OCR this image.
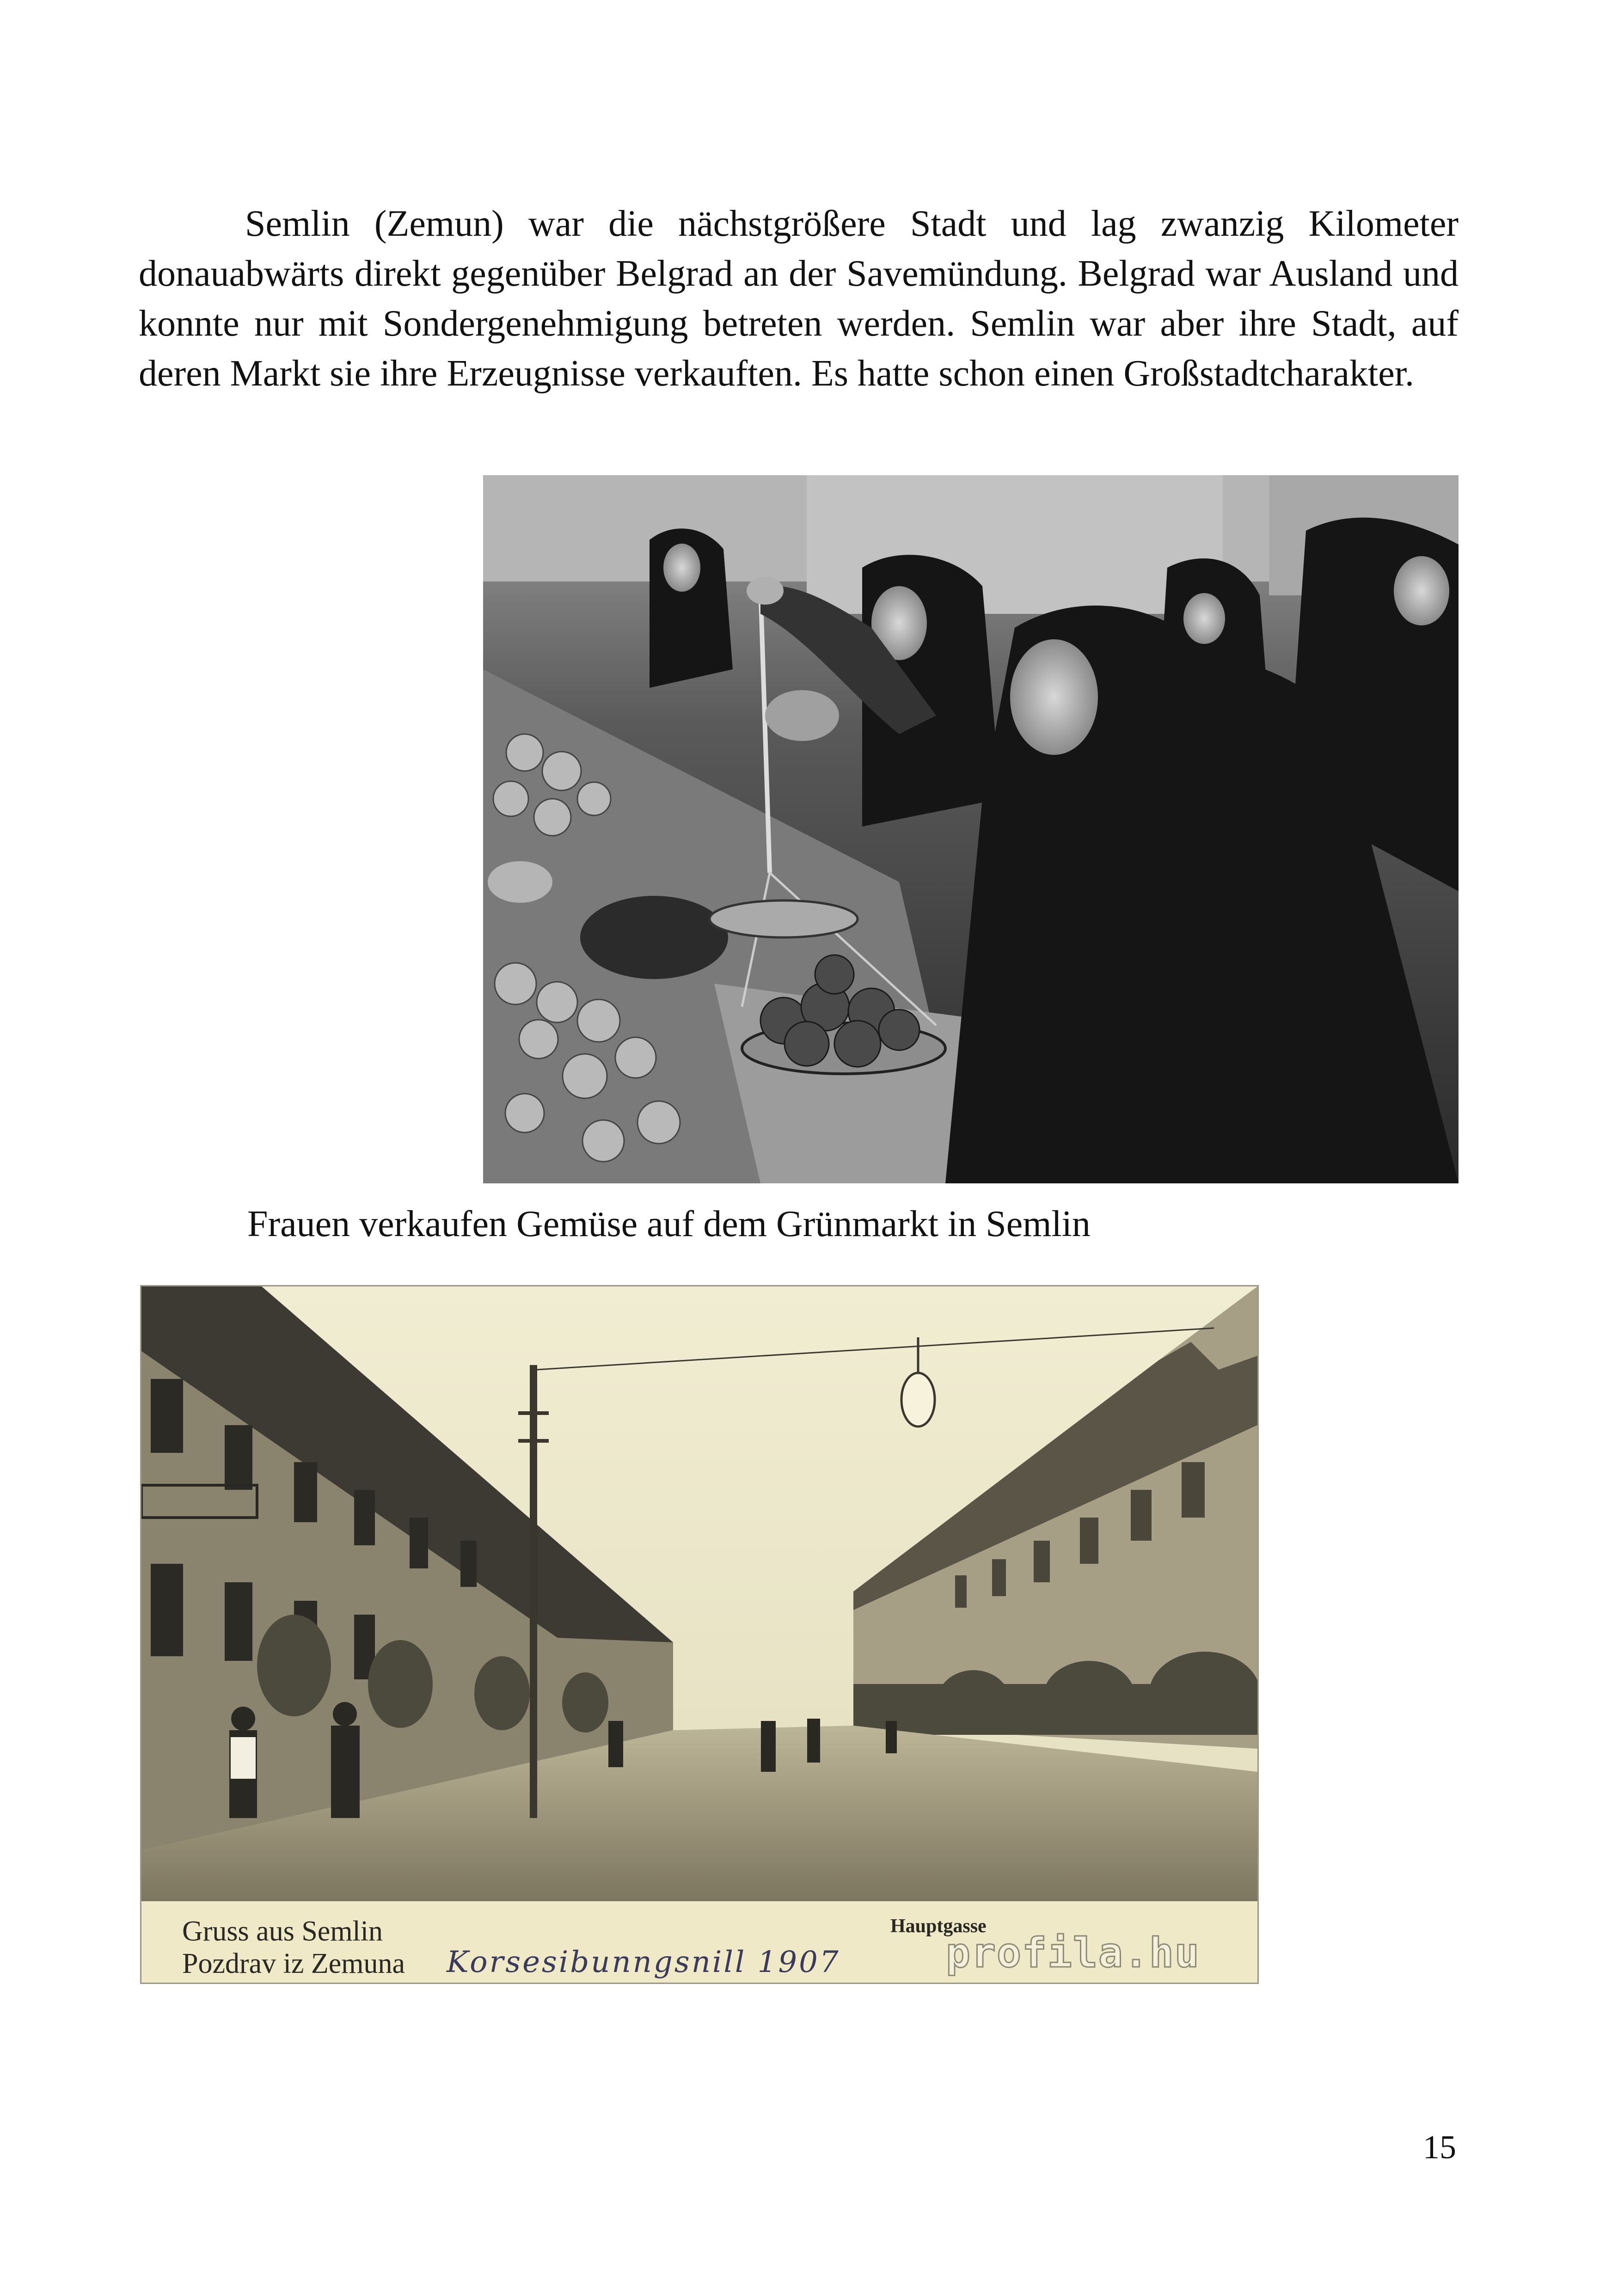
Semlin (Zemun) war die nächstgrößere Stadt und lag zwanzig Kilometer donauabwärts direkt gegenüber Belgrad an der Savemündung. Belgrad war Ausland und konnte nur mit Sondergenehmigung betreten werden. Semlin war aber ihre Stadt, auf deren Markt sie ihre Erzeugnisse verkauften. Es hatte schon einen Großstadtcharakter.

Frauen verkaufen Gemüse auf dem Grünmarkt in Semlin

Gruss aus Semlin
Pozdrav iz Zemuna
Hauptgasse
Korsesibunngsnill 1907	profila.hu
15
